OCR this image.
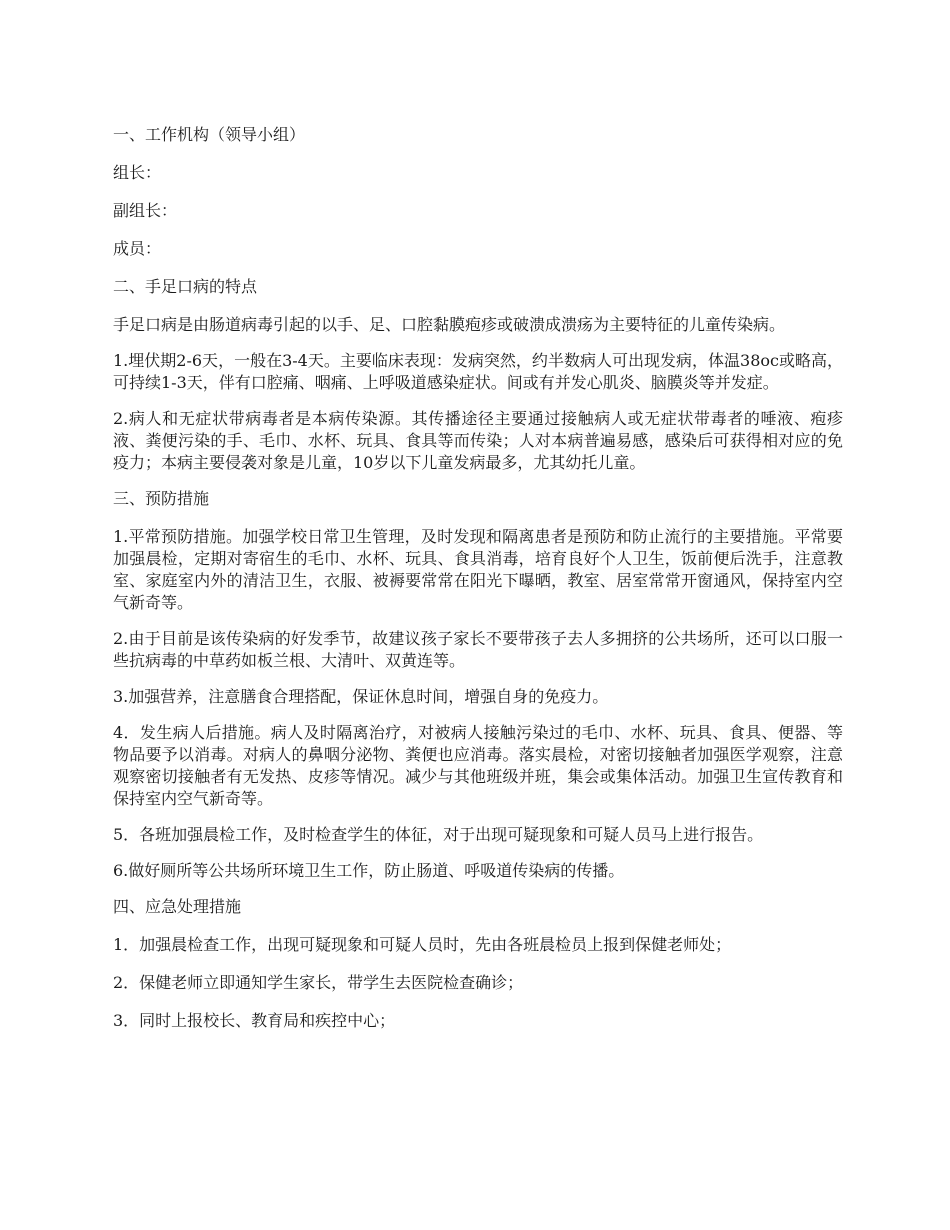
一、工作机构（领导小组）

组长：

副组长：

成员：

二、手足口病的特点

手足口病是由肠道病毒引起的以手、足、口腔黏膜疱疹或破溃成溃疡为主要特征的儿童传染病。

1.埋伏期2-6天，一般在3-4天。主要临床表现：发病突然，约半数病人可出现发病，体温38oc或略高，可持续1-3天，伴有口腔痛、咽痛、上呼吸道感染症状。间或有并发心肌炎、脑膜炎等并发症。

2.病人和无症状带病毒者是本病传染源。其传播途径主要通过接触病人或无症状带毒者的唾液、疱疹液、粪便污染的手、毛巾、水杯、玩具、食具等而传染；人对本病普遍易感，感染后可获得相对应的免疫力；本病主要侵袭对象是儿童，10岁以下儿童发病最多，尤其幼托儿童。

三、预防措施

1.平常预防措施。加强学校日常卫生管理，及时发现和隔离患者是预防和防止流行的主要措施。平常要加强晨检，定期对寄宿生的毛巾、水杯、玩具、食具消毒，培育良好个人卫生，饭前便后洗手，注意教室、家庭室内外的清洁卫生，衣服、被褥要常常在阳光下曝晒，教室、居室常常开窗通风，保持室内空气新奇等。

2.由于目前是该传染病的好发季节，故建议孩子家长不要带孩子去人多拥挤的公共场所，还可以口服一些抗病毒的中草药如板兰根、大清叶、双黄连等。

3.加强营养，注意膳食合理搭配，保证休息时间，增强自身的免疫力。

4．发生病人后措施。病人及时隔离治疗，对被病人接触污染过的毛巾、水杯、玩具、食具、便器、等物品要予以消毒。对病人的鼻咽分泌物、粪便也应消毒。落实晨检，对密切接触者加强医学观察，注意观察密切接触者有无发热、皮疹等情况。减少与其他班级并班，集会或集体活动。加强卫生宣传教育和保持室内空气新奇等。

5．各班加强晨检工作，及时检查学生的体征，对于出现可疑现象和可疑人员马上进行报告。

6.做好厕所等公共场所环境卫生工作，防止肠道、呼吸道传染病的传播。

四、应急处理措施

1．加强晨检查工作，出现可疑现象和可疑人员时，先由各班晨检员上报到保健老师处；

2．保健老师立即通知学生家长，带学生去医院检查确诊；

3．同时上报校长、教育局和疾控中心；
